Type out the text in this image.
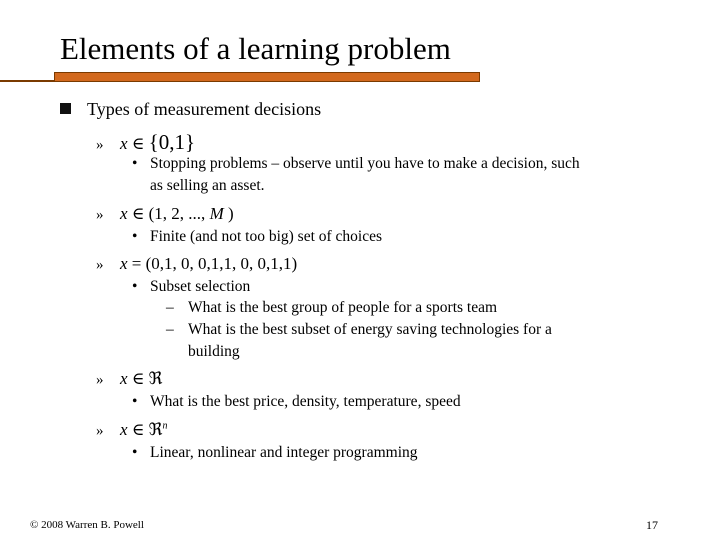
Elements of a learning problem
Types of measurement decisions
» x ∈ {0,1}
• Stopping problems – observe until you have to make a decision, such
as selling an asset.
» x ∈ (1, 2, ..., M )
• Finite (and not too big) set of choices
» x = (0,1, 0, 0,1,1, 0, 0,1,1)
• Subset selection
– What is the best group of people for a sports team
– What is the best subset of energy saving technologies for a
building
» x ∈ ℜ
• What is the best price, density, temperature, speed
» x ∈ ℜ$^n$
• Linear, nonlinear and integer programming
© 2008 Warren B. Powell	17
